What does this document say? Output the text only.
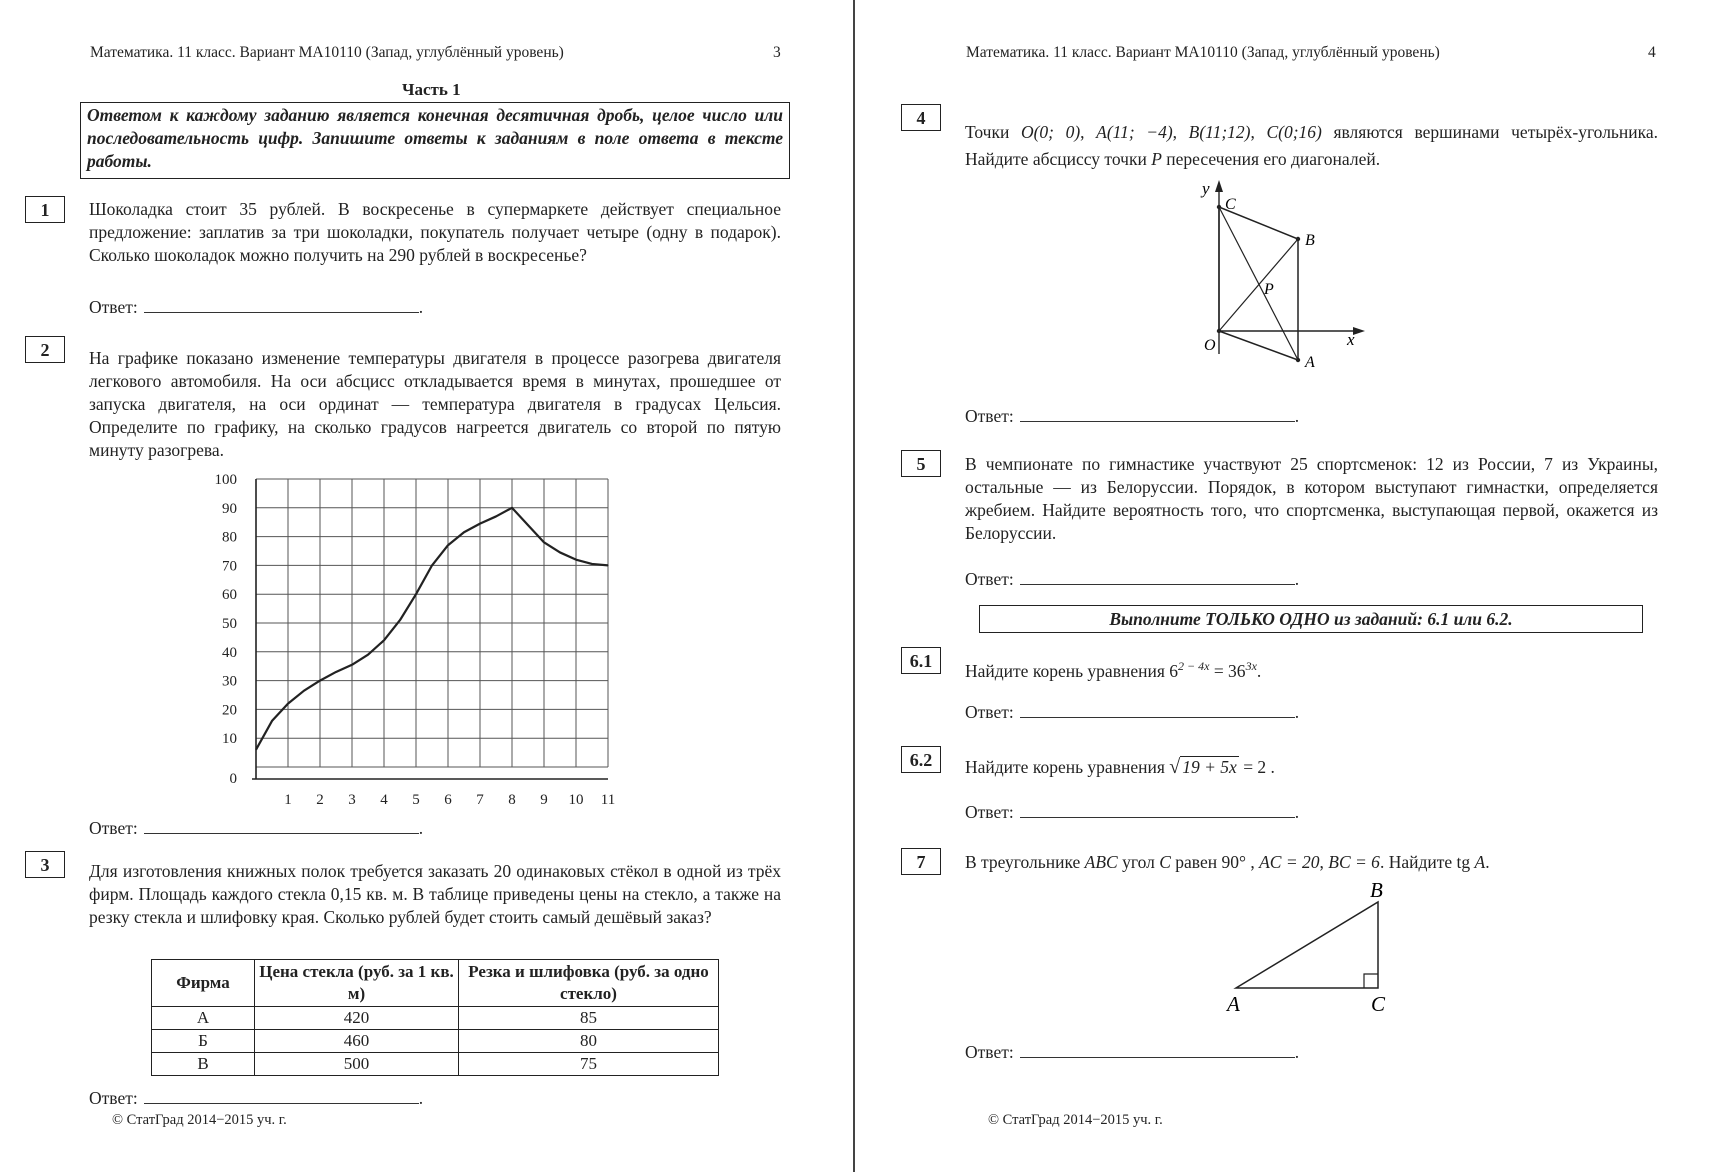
Математика. 11 класс. Вариант МА10110 (Запад, углублённый уровень)	3
Часть 1
Ответом к каждому заданию является конечная десятичная дробь, целое число или последовательность цифр. Запишите ответы к заданиям в поле ответа в тексте работы.
1	Шоколадка стоит 35 рублей. В воскресенье в супермаркете действует специальное предложение: заплатив за три шоколадки, покупатель получает четыре (одну в подарок). Сколько шоколадок можно получить на 290 рублей в воскресенье?
Ответ:	.
2	На графике показано изменение температуры двигателя в процессе разогрева двигателя легкового автомобиля. На оси абсцисс откладывается время в минутах, прошедшее от запуска двигателя, на оси ординат — температура двигателя в градусах Цельсия. Определите по графику, на сколько градусов нагреется двигатель со второй по пятую минуту разогрева.
0
10
20
30
40
50
60
70
80
90
100
1 2 3 4 5 6 7 8 9 10 11
Ответ:	.
3	Для изготовления книжных полок требуется заказать 20 одинаковых стёкол в одной из трёх фирм. Площадь каждого стекла 0,15 кв. м. В таблице приведены цены на стекло, а также на резку стекла и шлифовку края. Сколько рублей будет стоить самый дешёвый заказ?
Фирма	Цена стекла (руб. за 1 кв. м)	Резка и шлифовка (руб. за одно стекло)
А	420	85
Б	460	80
В	500	75
Ответ:	.
© СтатГрад 2014−2015 уч. г.
Математика. 11 класс. Вариант МА10110 (Запад, углублённый уровень)	4
4
Точки O(0; 0), A(11; −4), B(11;12), C(0;16) являются вершинами четырёх-угольника. Найдите абсциссу точки P пересечения его диагоналей.
y
C
B
P
O
A
x
Ответ:	.
5	В чемпионате по гимнастике участвуют 25 спортсменок: 12 из России, 7 из Украины, остальные — из Белоруссии. Порядок, в котором выступают гимнастки, определяется жребием. Найдите вероятность того, что спортсменка, выступающая первой, окажется из Белоруссии.
Ответ:	.
Выполните ТОЛЬКО ОДНО из заданий: 6.1 или 6.2.
6.1	Найдите корень уравнения $6^{2 - 4x} = 36^{3x}$.
Ответ:	.
6.2	Найдите корень уравнения √ 19 + 5x = 2 .
Ответ:	.
7	В треугольнике ABC угол C равен 90° , AC = 20, BC = 6. Найдите tg A.
B
A	C
Ответ:	.
© СтатГрад 2014−2015 уч. г.
